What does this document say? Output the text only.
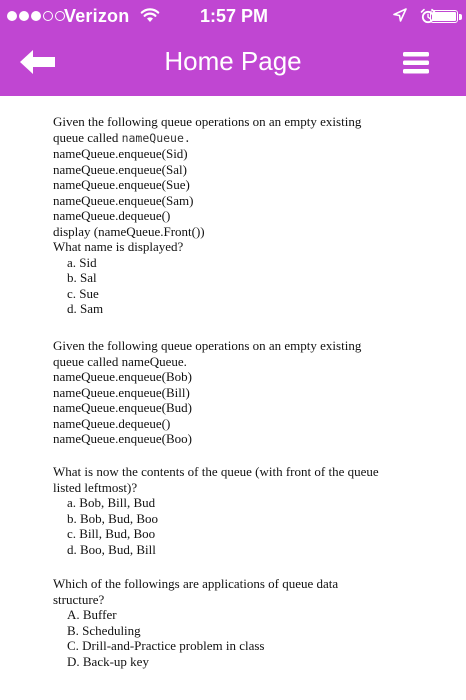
Verizon	1:57 PM
Home Page

Given the following queue operations on an empty existing

queue called nameQueue.

nameQueue.enqueue(Sid)

nameQueue.enqueue(Sal)

nameQueue.enqueue(Sue)

nameQueue.enqueue(Sam)

nameQueue.dequeue()

display (nameQueue.Front())

What name is displayed?

a. Sid

b. Sal

c. Sue

d. Sam

Given the following queue operations on an empty existing

queue called nameQueue.

nameQueue.enqueue(Bob)

nameQueue.enqueue(Bill)

nameQueue.enqueue(Bud)

nameQueue.dequeue()

nameQueue.enqueue(Boo)

What is now the contents of the queue (with front of the queue

listed leftmost)?

a. Bob, Bill, Bud

b. Bob, Bud, Boo

c. Bill, Bud, Boo

d. Boo, Bud, Bill

Which of the followings are applications of queue data

structure?

A. Buffer

B. Scheduling

C. Drill-and-Practice problem in class

D. Back-up key
